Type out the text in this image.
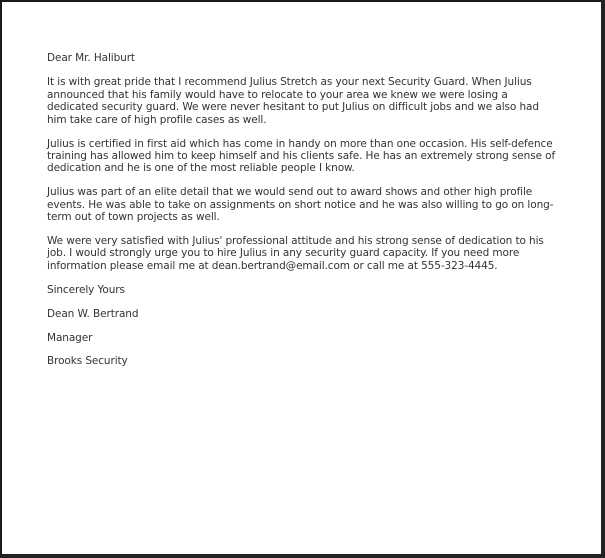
Dear Mr. Haliburt

It is with great pride that I recommend Julius Stretch as your next Security Guard. When Julius announced that his family would have to relocate to your area we knew we were losing a dedicated security guard. We were never hesitant to put Julius on difficult jobs and we also had him take care of high profile cases as well.

Julius is certified in first aid which has come in handy on more than one occasion. His self-defence training has allowed him to keep himself and his clients safe. He has an extremely strong sense of dedication and he is one of the most reliable people I know.

Julius was part of an elite detail that we would send out to award shows and other high profile events. He was able to take on assignments on short notice and he was also willing to go on long-term out of town projects as well.

We were very satisfied with Julius' professional attitude and his strong sense of dedication to his job. I would strongly urge you to hire Julius in any security guard capacity. If you need more information please email me at dean.bertrand@email.com or call me at 555-323-4445.

Sincerely Yours

Dean W. Bertrand

Manager

Brooks Security
